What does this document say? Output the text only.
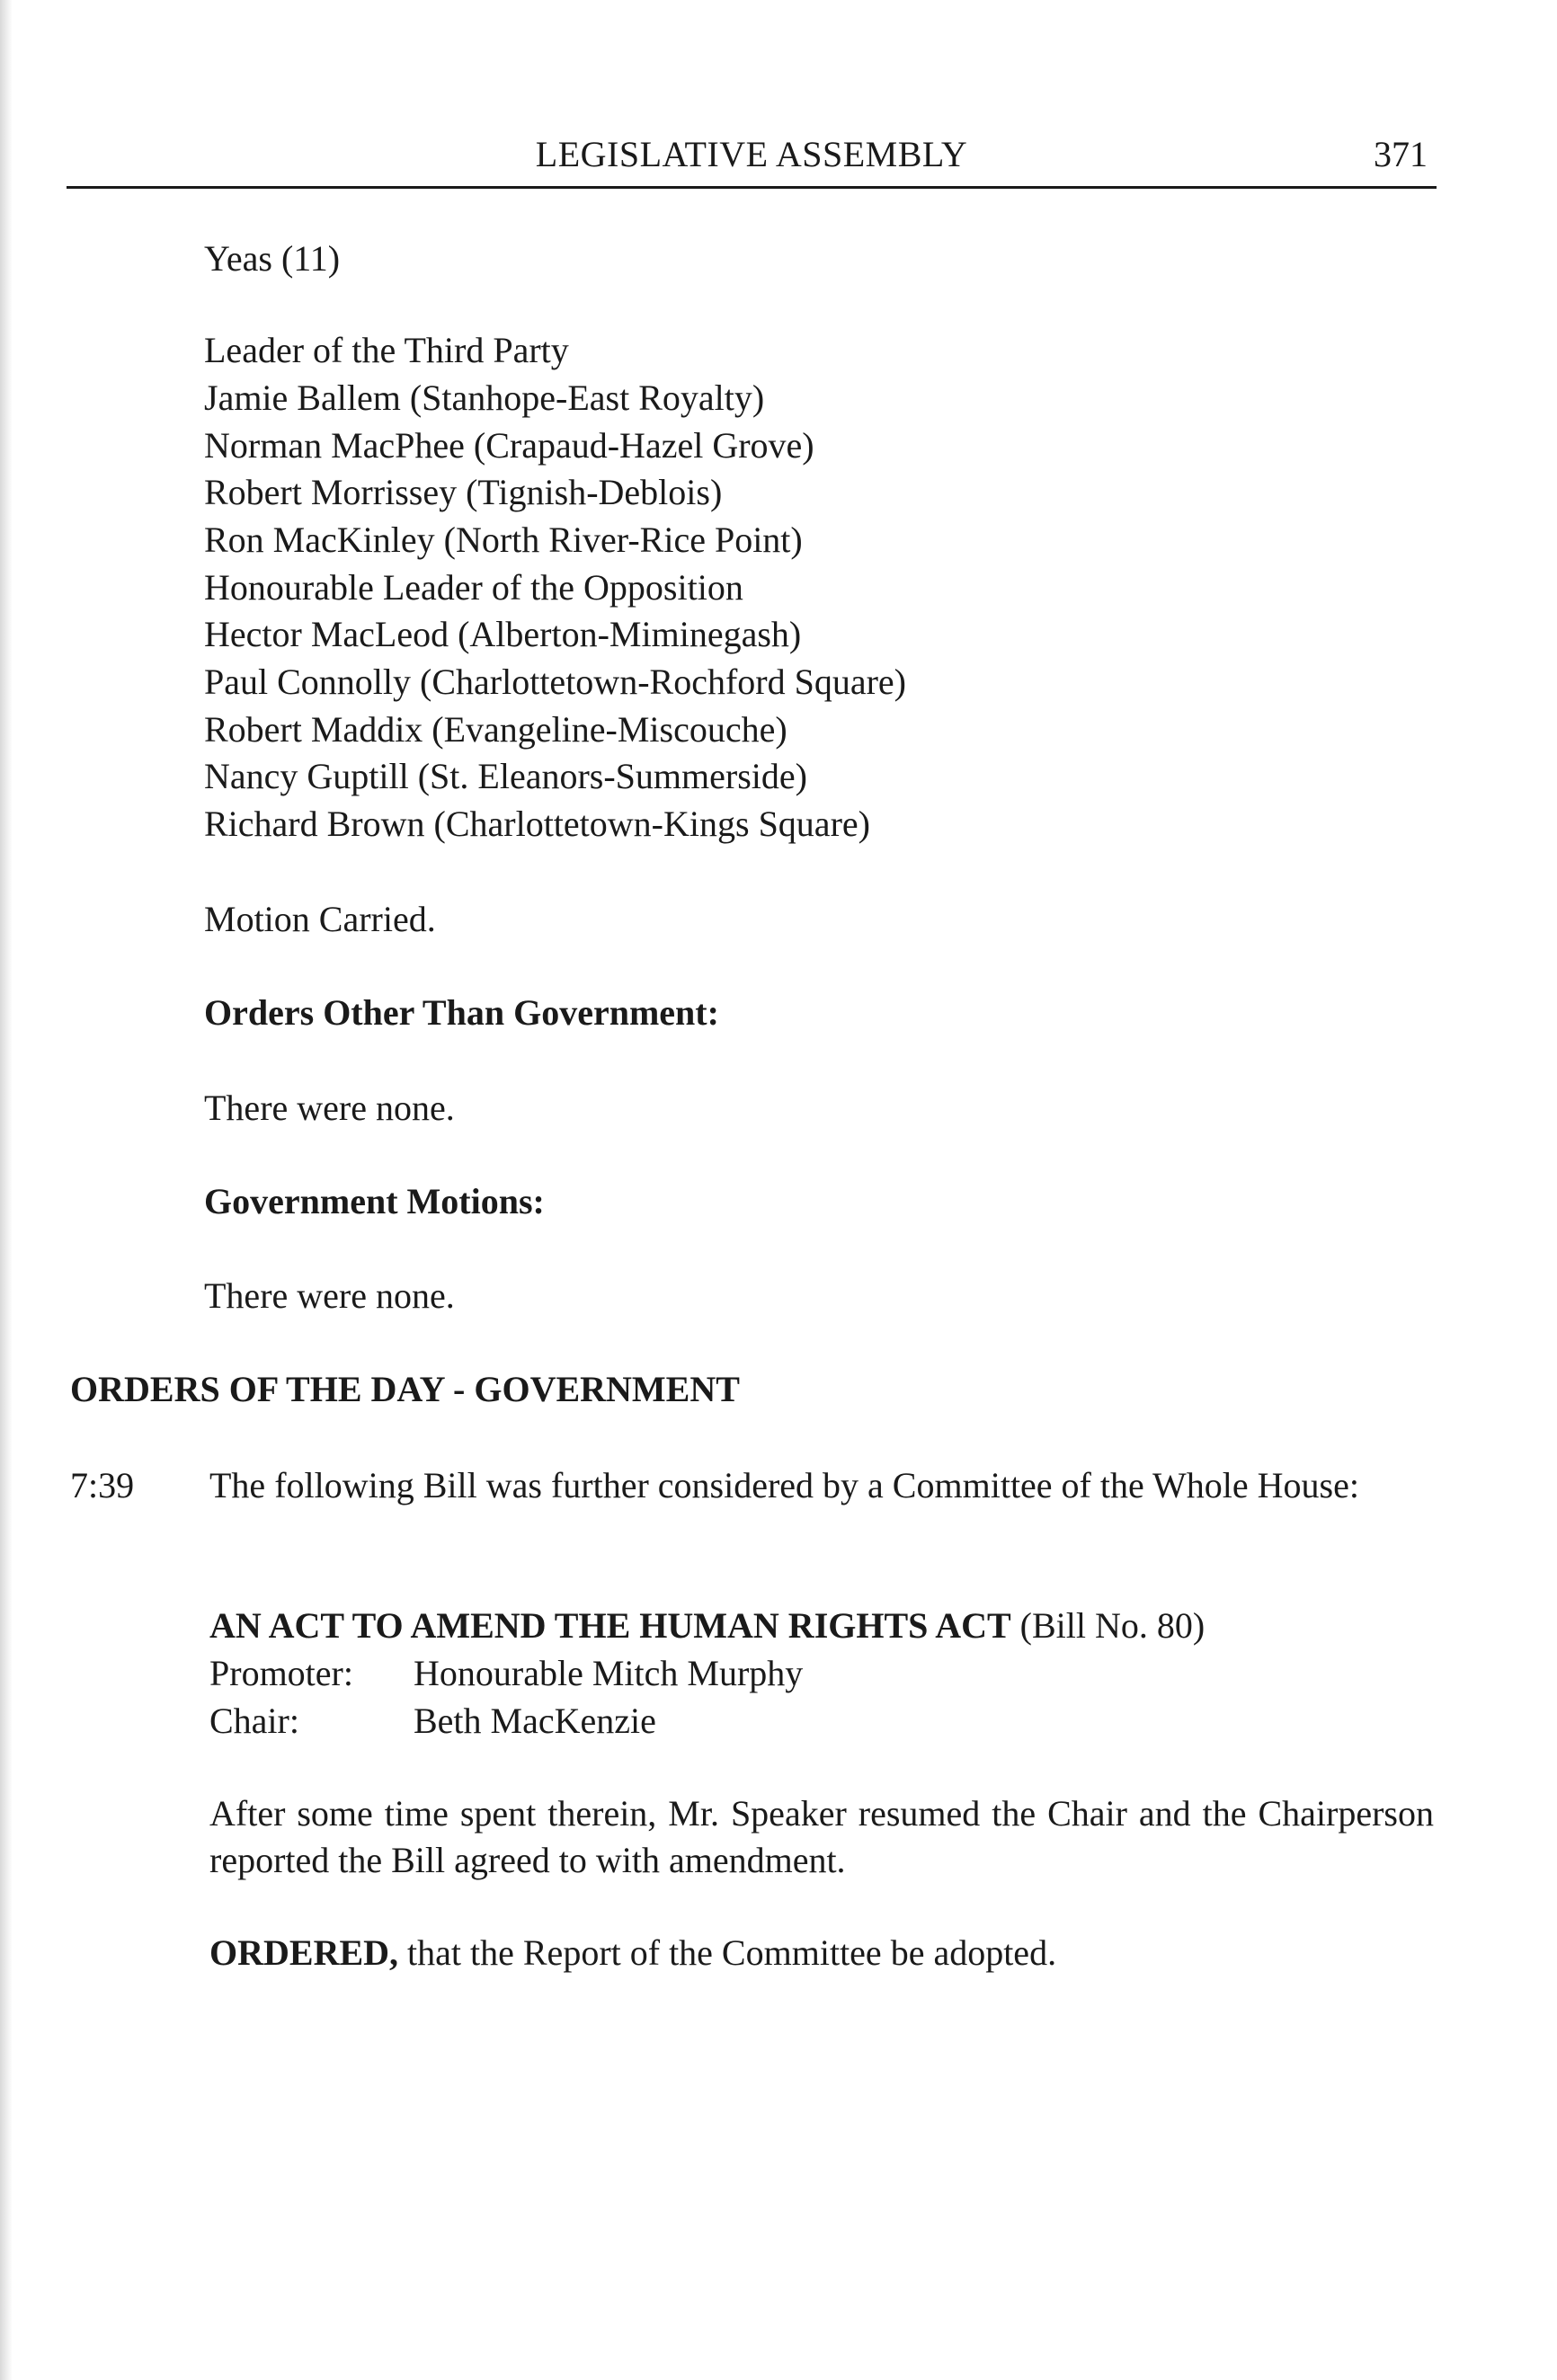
LEGISLATIVE ASSEMBLY	371
Yeas (11)
Leader of the Third Party
Jamie Ballem (Stanhope-East Royalty)
Norman MacPhee (Crapaud-Hazel Grove)
Robert Morrissey (Tignish-Deblois)
Ron MacKinley (North River-Rice Point)
Honourable Leader of the Opposition
Hector MacLeod (Alberton-Miminegash)
Paul Connolly (Charlottetown-Rochford Square)
Robert Maddix (Evangeline-Miscouche)
Nancy Guptill (St. Eleanors-Summerside)
Richard Brown (Charlottetown-Kings Square)
Motion Carried.
Orders Other Than Government:
There were none.
Government Motions:
There were none.
ORDERS OF THE DAY - GOVERNMENT
7:39 The following Bill was further considered by a Committee of the Whole House:
AN ACT TO AMEND THE HUMAN RIGHTS ACT (Bill No. 80)
Promoter: Honourable Mitch Murphy
Chair:	Beth MacKenzie
After some time spent therein, Mr. Speaker resumed the Chair and the Chairperson reported the Bill agreed to with amendment.
ORDERED, that the Report of the Committee be adopted.
